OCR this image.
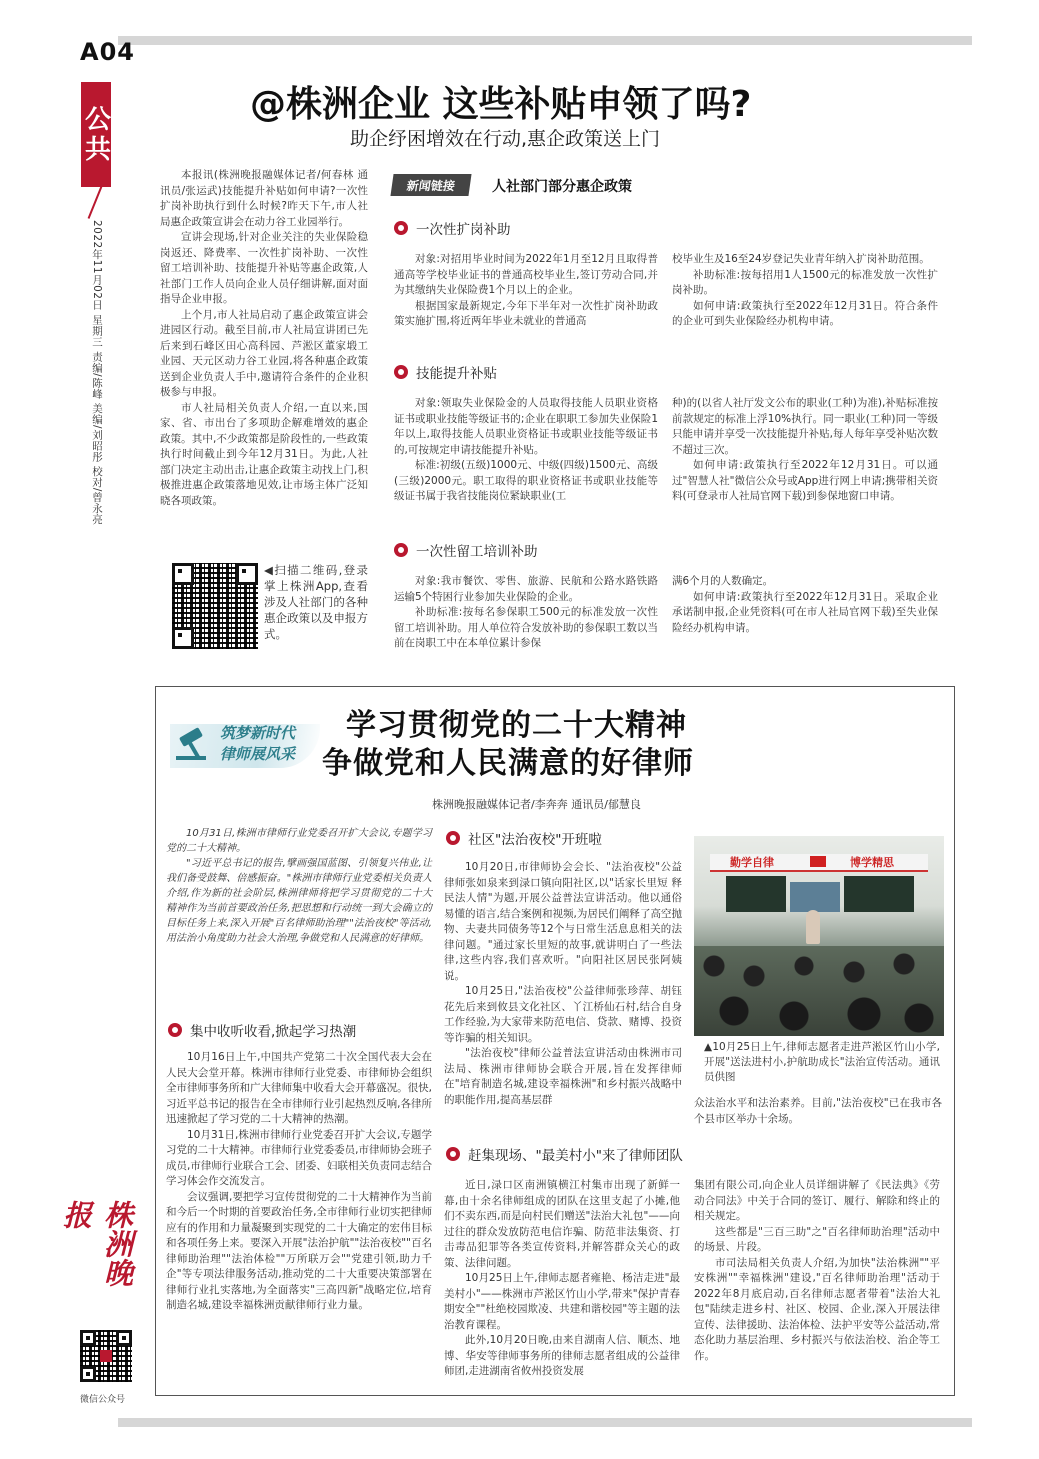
A04
公共
2022年11月02日 星期三 责编/陈峰 美编/刘昭彤 校对/曾永亮
株洲晚报
微信公众号
@株洲企业 这些补贴申领了吗?
助企纾困增效在行动,惠企政策送上门

本报讯(株洲晚报融媒体记者/何春林 通讯员/张运武)技能提升补贴如何申请?一次性扩岗补助执行到什么时候?昨天下午,市人社局惠企政策宣讲会在动力谷工业园举行。

宣讲会现场,针对企业关注的失业保险稳岗返还、降费率、一次性扩岗补助、一次性留工培训补助、技能提升补贴等惠企政策,人社部门工作人员向企业人员仔细讲解,面对面指导企业申报。

上个月,市人社局启动了惠企政策宣讲会进园区行动。截至目前,市人社局宣讲团已先后来到石峰区田心高科园、芦淞区董家塅工业园、天元区动力谷工业园,将各种惠企政策送到企业负责人手中,邀请符合条件的企业积极参与申报。

市人社局相关负责人介绍,一直以来,国家、省、市出台了多项助企解难增效的惠企政策。其中,不少政策都是阶段性的,一些政策执行时间截止到今年12月31日。为此,人社部门决定主动出击,让惠企政策主动找上门,积极推进惠企政策落地见效,让市场主体广泛知晓各项政策。

◀扫描二维码,登录掌上株洲App,查看涉及人社部门的各种惠企政策以及申报方式。
新闻链接	人社部门部分惠企政策
一次性扩岗补助

对象:对招用毕业时间为2022年1月至12月且取得普通高等学校毕业证书的普通高校毕业生,签订劳动合同,并为其缴纳失业保险费1个月以上的企业。

根据国家最新规定,今年下半年对一次性扩岗补助政策实施扩围,将近两年毕业未就业的普通高

校毕业生及16至24岁登记失业青年纳入扩岗补助范围。

补助标准:按每招用1人1500元的标准发放一次性扩岗补助。

如何申请:政策执行至2022年12月31日。符合条件的企业可到失业保险经办机构申请。

技能提升补贴

对象:领取失业保险金的人员取得技能人员职业资格证书或职业技能等级证书的;企业在职职工参加失业保险1年以上,取得技能人员职业资格证书或职业技能等级证书的,可按规定申请技能提升补贴。

标准:初级(五级)1000元、中级(四级)1500元、高级(三级)2000元。职工取得的职业资格证书或职业技能等级证书属于我省技能岗位紧缺职业(工

种)的(以省人社厅发文公布的职业(工种)为准),补贴标准按前款规定的标准上浮10%执行。同一职业(工种)同一等级只能申请并享受一次技能提升补贴,每人每年享受补贴次数不超过三次。

如何申请:政策执行至2022年12月31日。可以通过"智慧人社"微信公众号或App进行网上申请;携带相关资料(可登录市人社局官网下载)到参保地窗口申请。

一次性留工培训补助

对象:我市餐饮、零售、旅游、民航和公路水路铁路运输5个特困行业参加失业保险的企业。

补助标准:按每名参保职工500元的标准发放一次性留工培训补助。用人单位符合发放补助的参保职工数以当前在岗职工中在本单位累计参保

满6个月的人数确定。

如何申请:政策执行至2022年12月31日。采取企业承诺制申报,企业凭资料(可在市人社局官网下载)至失业保险经办机构申请。

筑梦新时代
律师展风采
学习贯彻党的二十大精神
争做党和人民满意的好律师
株洲晚报融媒体记者/李奔奔 通讯员/郁慧良

10月31日,株洲市律师行业党委召开扩大会议,专题学习党的二十大精神。

"习近平总书记的报告,擘画强国蓝图、引领复兴伟业,让我们备受鼓舞、倍感振奋。"株洲市律师行业党委相关负责人介绍,作为新的社会阶层,株洲律师将把学习贯彻党的二十大精神作为当前首要政治任务,把思想和行动统一到大会确立的目标任务上来,深入开展"百名律师助治理""法治夜校"等活动,用法治小角度助力社会大治理,争做党和人民满意的好律师。

集中收听收看,掀起学习热潮

10月16日上午,中国共产党第二十次全国代表大会在人民大会堂开幕。株洲市律师行业党委、市律师协会组织全市律师事务所和广大律师集中收看大会开幕盛况。很快,习近平总书记的报告在全市律师行业引起热烈反响,各律所迅速掀起了学习党的二十大精神的热潮。

10月31日,株洲市律师行业党委召开扩大会议,专题学习党的二十大精神。市律师行业党委委员,市律师协会班子成员,市律师行业联合工会、团委、妇联相关负责同志结合学习体会作交流发言。

会议强调,要把学习宣传贯彻党的二十大精神作为当前和今后一个时期的首要政治任务,全市律师行业切实把律师应有的作用和力量凝聚到实现党的二十大确定的宏伟目标和各项任务上来。要深入开展"法治护航""法治夜校""百名律师助治理""法治体检""万所联万会""党建引领,助力千企"等专项法律服务活动,推动党的二十大重要决策部署在律师行业扎实落地,为全面落实"三高四新"战略定位,培育制造名城,建设幸福株洲贡献律师行业力量。

社区"法治夜校"开班啦

10月20日,市律师协会会长、"法治夜校"公益律师张如泉来到渌口镇向阳社区,以"话家长里短 释民法人情"为题,开展公益普法宣讲活动。他以通俗易懂的语言,结合案例和视频,为居民们阐释了高空抛物、夫妻共同债务等12个与日常生活息息相关的法律问题。"通过家长里短的故事,就讲明白了一些法律,这些内容,我们喜欢听。"向阳社区居民张阿姨说。

10月25日,"法治夜校"公益律师张珍萍、胡钰花先后来到攸县文化社区、丫江桥仙石村,结合自身工作经验,为大家带来防范电信、贷款、赌博、投资等诈骗的相关知识。

"法治夜校"律师公益普法宣讲活动由株洲市司法局、株洲市律师协会联合开展,旨在发挥律师在"培育制造名城,建设幸福株洲"和乡村振兴战略中的职能作用,提高基层群

勤学自律	博学精思
▲10月25日上午,律师志愿者走进芦淞区竹山小学,开展"送法进村小,护航助成长"法治宣传活动。通讯员供图
众法治水平和法治素养。目前,"法治夜校"已在我市各个县市区举办十余场。
赶集现场、"最美村小"来了律师团队

近日,渌口区南洲镇横江村集市出现了新鲜一幕,由十余名律师组成的团队在这里支起了小摊,他们不卖东西,而是向村民们赠送"法治大礼包"——向过往的群众发放防范电信诈骗、防范非法集资、打击毒品犯罪等各类宣传资料,并解答群众关心的政策、法律问题。

10月25日上午,律师志愿者雍艳、杨洁走进"最美村小"——株洲市芦淞区竹山小学,带来"保护青春期安全""杜绝校园欺凌、共建和谐校园"等主题的法治教育课程。

此外,10月20日晚,由来自湖南人信、顺杰、地博、华安等律师事务所的律师志愿者组成的公益律师团,走进湖南省攸州投资发展

集团有限公司,向企业人员详细讲解了《民法典》《劳动合同法》中关于合同的签订、履行、解除和终止的相关规定。

这些都是"三百三助"之"百名律师助治理"活动中的场景、片段。

市司法局相关负责人介绍,为加快"法治株洲""平安株洲""幸福株洲"建设,"百名律师助治理"活动于2022年8月底启动,百名律师志愿者带着"法治大礼包"陆续走进乡村、社区、校园、企业,深入开展法律宣传、法律援助、法治体检、法护平安等公益活动,常态化助力基层治理、乡村振兴与依法治校、治企等工作。
